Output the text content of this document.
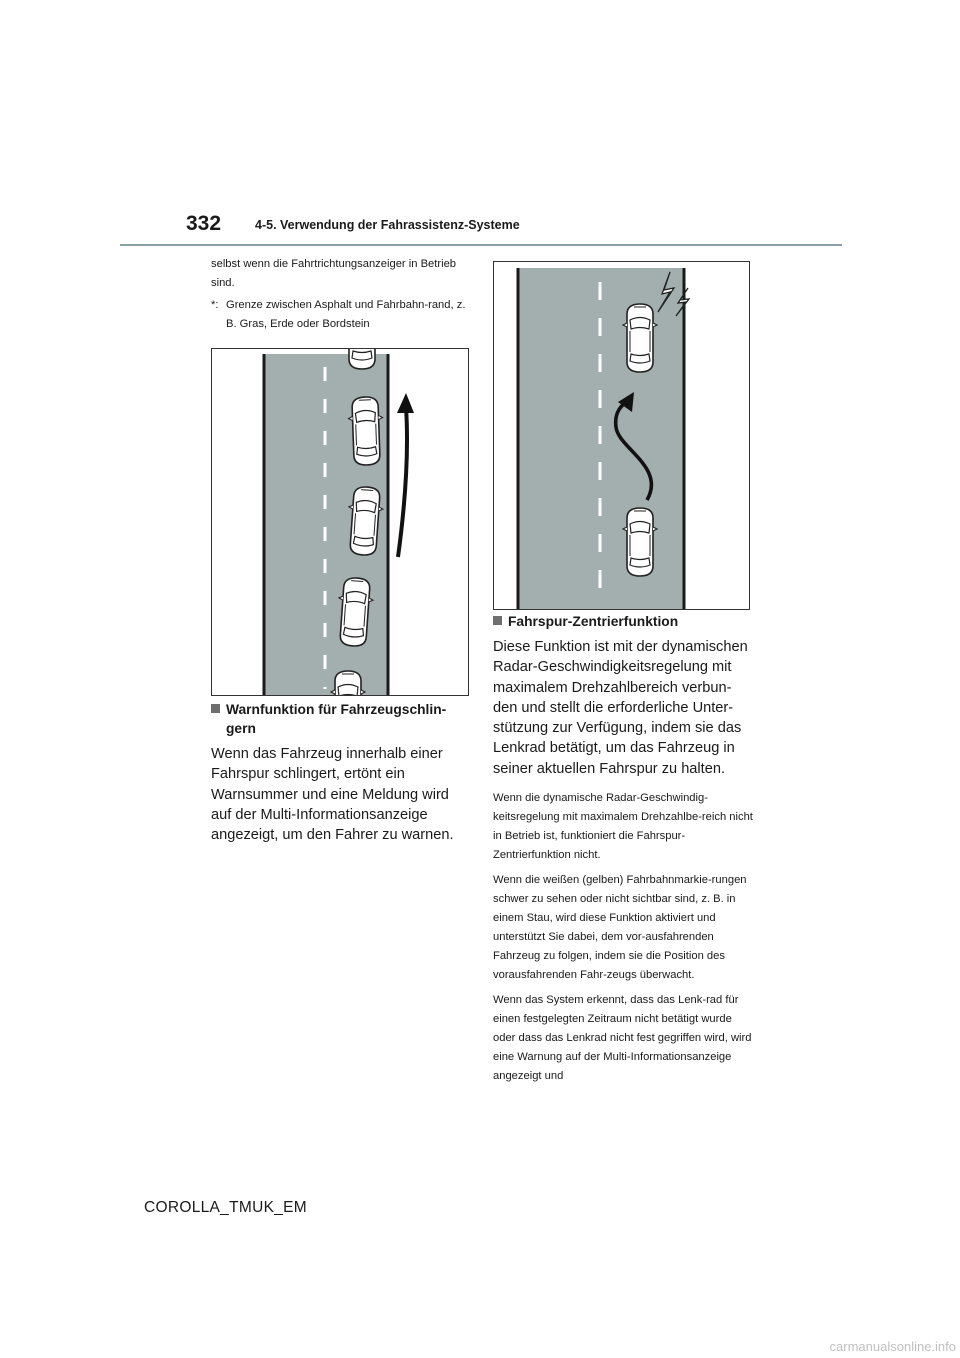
332	4-5. Verwendung der Fahrassistenz-Systeme

selbst wenn die Fahrtrichtungsanzeiger in Betrieb sind.

*: Grenze zwischen Asphalt und Fahrbahn-rand, z. B. Gras, Erde oder Bordstein
Warnfunktion für Fahrzeugschlin-gern

Wenn das Fahrzeug innerhalb einer Fahrspur schlingert, ertönt ein Warnsummer und eine Meldung wird auf der Multi-Informationsanzeige angezeigt, um den Fahrer zu warnen.

Fahrspur-Zentrierfunktion

Diese Funktion ist mit der dynamischen Radar-Geschwindigkeitsregelung mit maximalem Drehzahlbereich verbun-den und stellt die erforderliche Unter-stützung zur Verfügung, indem sie das Lenkrad betätigt, um das Fahrzeug in seiner aktuellen Fahrspur zu halten.

Wenn die dynamische Radar-Geschwindig-keitsregelung mit maximalem Drehzahlbe-reich nicht in Betrieb ist, funktioniert die Fahrspur-Zentrierfunktion nicht.

Wenn die weißen (gelben) Fahrbahnmarkie-rungen schwer zu sehen oder nicht sichtbar sind, z. B. in einem Stau, wird diese Funktion aktiviert und unterstützt Sie dabei, dem vor-ausfahrenden Fahrzeug zu folgen, indem sie die Position des vorausfahrenden Fahr-zeugs überwacht.

Wenn das System erkennt, dass das Lenk-rad für einen festgelegten Zeitraum nicht betätigt wurde oder dass das Lenkrad nicht fest gegriffen wird, wird eine Warnung auf der Multi-Informationsanzeige angezeigt und

COROLLA_TMUK_EM
carmanualsonline.info
